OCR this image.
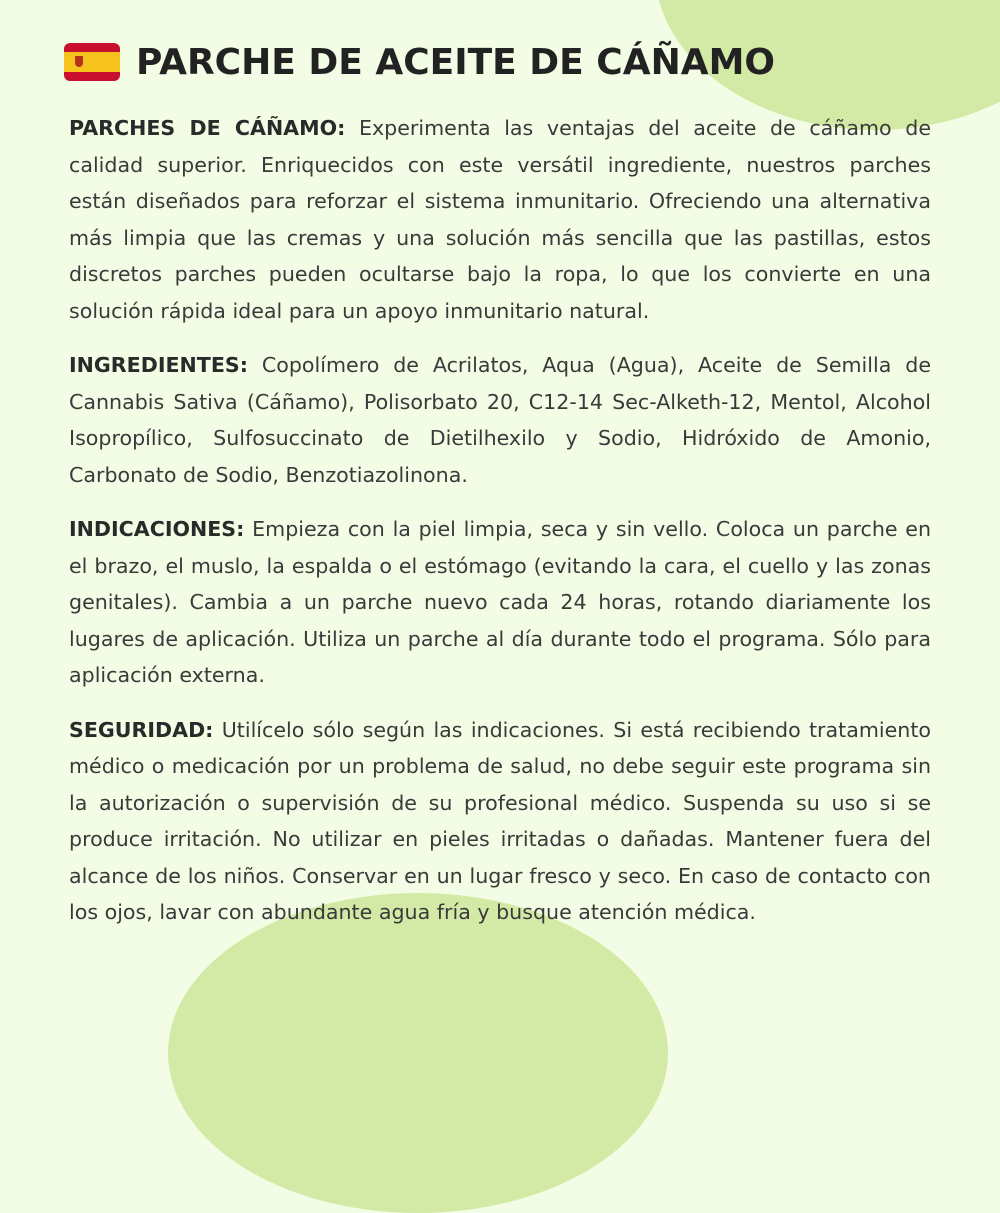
PARCHE DE ACEITE DE CÁÑAMO

PARCHES DE CÁÑAMO: Experimenta las ventajas del aceite de cáñamo de calidad superior. Enriquecidos con este versátil ingrediente, nuestros parches están diseñados para reforzar el sistema inmunitario. Ofreciendo una alternativa más limpia que las cremas y una solución más sencilla que las pastillas, estos discretos parches pueden ocultarse bajo la ropa, lo que los convierte en una solución rápida ideal para un apoyo inmunitario natural.

INGREDIENTES: Copolímero de Acrilatos, Aqua (Agua), Aceite de Semilla de Cannabis Sativa (Cáñamo), Polisorbato 20, C12-14 Sec-Alketh-12, Mentol, Alcohol Isopropílico, Sulfosuccinato de Dietilhexilo y Sodio, Hidróxido de Amonio, Carbonato de Sodio, Benzotiazolinona.

INDICACIONES: Empieza con la piel limpia, seca y sin vello. Coloca un parche en el brazo, el muslo, la espalda o el estómago (evitando la cara, el cuello y las zonas genitales). Cambia a un parche nuevo cada 24 horas, rotando diariamente los lugares de aplicación. Utiliza un parche al día durante todo el programa. Sólo para aplicación externa.

SEGURIDAD: Utilícelo sólo según las indicaciones. Si está recibiendo tratamiento médico o medicación por un problema de salud, no debe seguir este programa sin la autorización o supervisión de su profesional médico. Suspenda su uso si se produce irritación. No utilizar en pieles irritadas o dañadas. Mantener fuera del alcance de los niños. Conservar en un lugar fresco y seco. En caso de contacto con los ojos, lavar con abundante agua fría y busque atención médica.
